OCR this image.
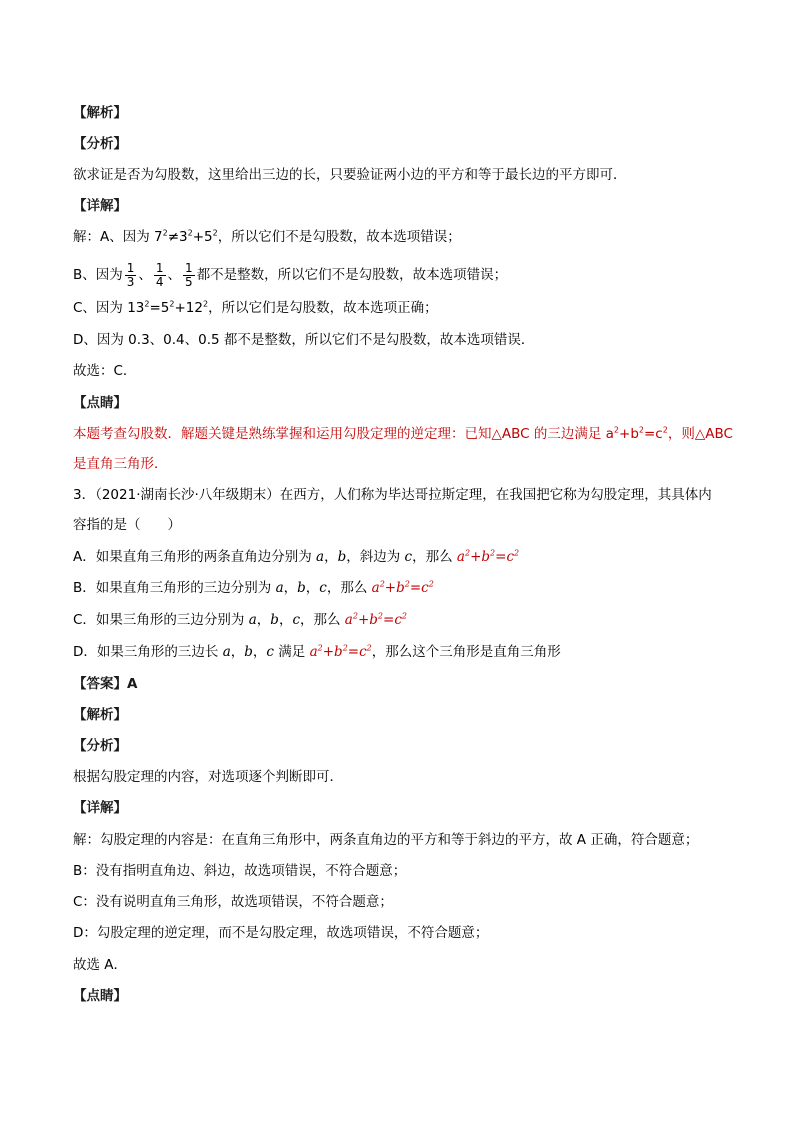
【解析】
【分析】
欲求证是否为勾股数，这里给出三边的长，只要验证两小边的平方和等于最长边的平方即可．
【详解】
解：A、因为 $7^2\ne 3^2+5^2$，所以它们不是勾股数，故本选项错误；
B、因为 $\frac{1}{3}$ 、 $\frac{1}{4}$ 、 $\frac{1}{5}$ 都不是整数，所以它们不是勾股数，故本选项错误；
C、因为 $13^2=5^2+12^2$，所以它们是勾股数，故本选项正确；
D、因为 0.3、0.4、0.5 都不是整数，所以它们不是勾股数，故本选项错误．
故选：C．
【点睛】
本题考查勾股数．解题关键是熟练掌握和运用勾股定理的逆定理：已知△ABC 的三边满足 $a^2+b^2=c^2$，则△ABC
是直角三角形．
3．（2021·湖南长沙·八年级期末）在西方，人们称为毕达哥拉斯定理，在我国把它称为勾股定理，其具体内
容指的是（　　）
A．如果直角三角形的两条直角边分别为 a，b，斜边为 c，那么 $a^2+b^2=c^2$
B．如果直角三角形的三边分别为 a，b，c，那么 $a^2+b^2=c^2$
C．如果三角形的三边分别为 a，b，c，那么 $a^2+b^2=c^2$
D．如果三角形的三边长 a，b，c 满足 $a^2+b^2=c^2$，那么这个三角形是直角三角形
【答案】A
【解析】
【分析】
根据勾股定理的内容，对选项逐个判断即可．
【详解】
解：勾股定理的内容是：在直角三角形中，两条直角边的平方和等于斜边的平方，故 A 正确，符合题意；
B：没有指明直角边、斜边，故选项错误，不符合题意；
C：没有说明直角三角形，故选项错误，不符合题意；
D：勾股定理的逆定理，而不是勾股定理，故选项错误，不符合题意；
故选 A．
【点睛】
